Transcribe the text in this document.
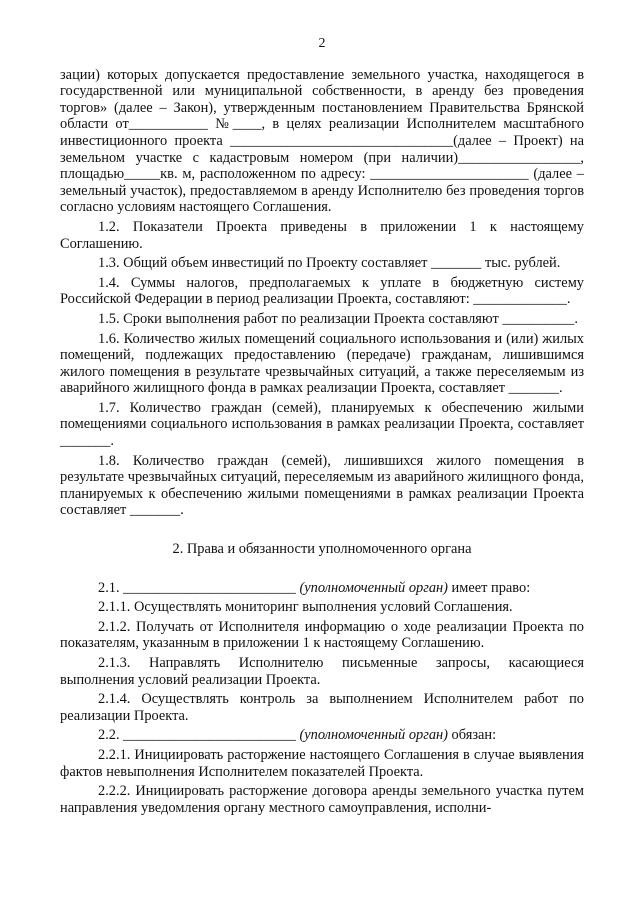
2

зации) которых допускается предоставление земельного участка, находящегося в государственной или муниципальной собственности, в аренду без проведения торгов» (далее – Закон), утвержденным постановлением Правительства Брянской области от___________ №____, в целях реализации Исполнителем масштабного инвестиционного проекта _______________________________(далее – Проект) на земельном участке с кадастровым номером (при наличии)_________________, площадью_____кв. м, расположенном по адресу: ______________________ (далее – земельный участок), предоставляемом в аренду Исполнителю без проведения торгов согласно условиям настоящего Соглашения.

1.2. Показатели Проекта приведены в приложении 1 к настоящему Соглашению.

1.3. Общий объем инвестиций по Проекту составляет _______ тыс. рублей.

1.4. Суммы налогов, предполагаемых к уплате в бюджетную систему Российской Федерации в период реализации Проекта, составляют: _____________.

1.5. Сроки выполнения работ по реализации Проекта составляют __________.

1.6. Количество жилых помещений социального использования и (или) жилых помещений, подлежащих предоставлению (передаче) гражданам, лишившимся жилого помещения в результате чрезвычайных ситуаций, а также переселяемым из аварийного жилищного фонда в рамках реализации Проекта, составляет _______.

1.7. Количество граждан (семей), планируемых к обеспечению жилыми помещениями социального использования в рамках реализации Проекта, составляет _______.

1.8. Количество граждан (семей), лишившихся жилого помещения в результате чрезвычайных ситуаций, переселяемым из аварийного жилищного фонда, планируемых к обеспечению жилыми помещениями в рамках реализации Проекта составляет _______.

2. Права и обязанности уполномоченного органа

2.1. ________________________ (уполномоченный орган) имеет право:

2.1.1. Осуществлять мониторинг выполнения условий Соглашения.

2.1.2. Получать от Исполнителя информацию о ходе реализации Проекта по показателям, указанным в приложении 1 к настоящему Соглашению.

2.1.3. Направлять Исполнителю письменные запросы, касающиеся выполнения условий реализации Проекта.

2.1.4. Осуществлять контроль за выполнением Исполнителем работ по реализации Проекта.

2.2. ________________________ (уполномоченный орган) обязан:

2.2.1. Инициировать расторжение настоящего Соглашения в случае выявления фактов невыполнения Исполнителем показателей Проекта.

2.2.2. Инициировать расторжение договора аренды земельного участка путем направления уведомления органу местного самоуправления, исполни-
